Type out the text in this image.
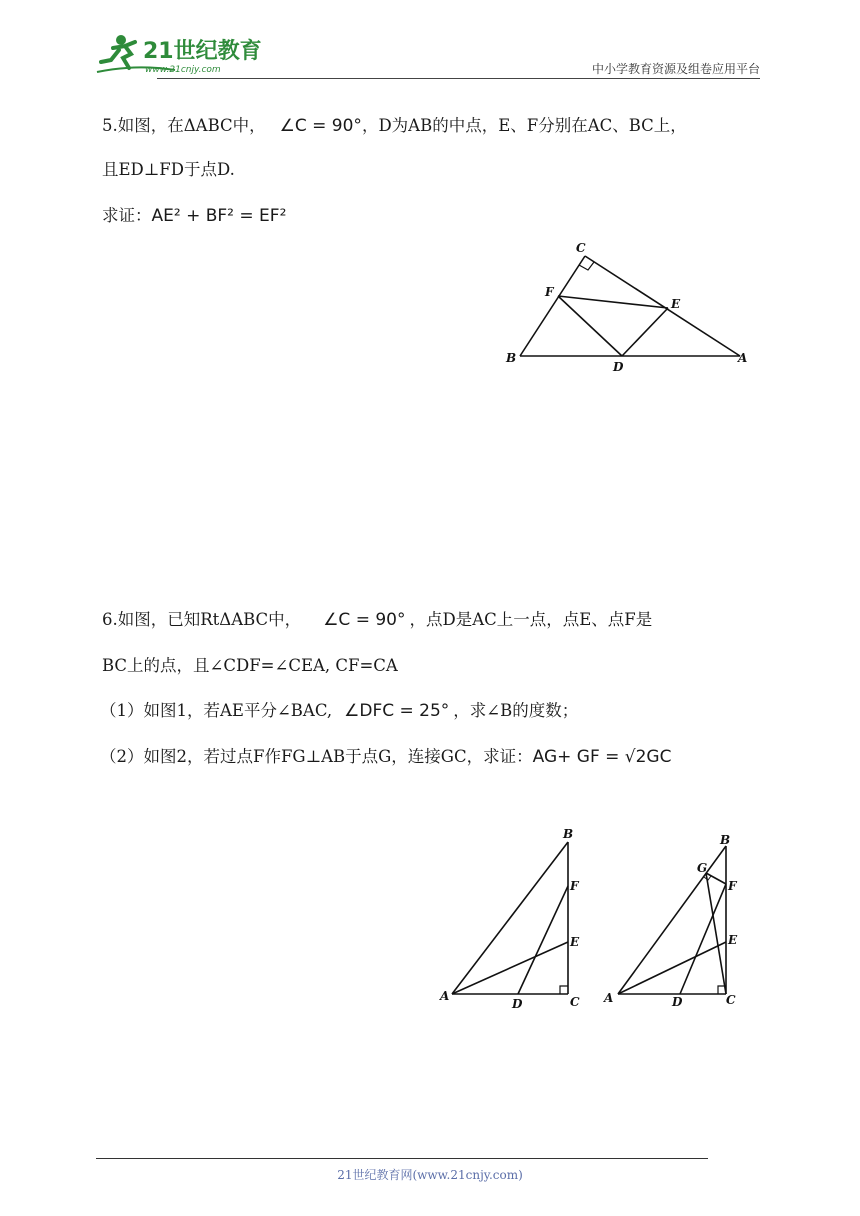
21世纪教育
www.21cnjy.com	中小学教育资源及组卷应用平台
5.如图，在ΔABC中， ∠C = 90°，D为AB的中点，E、F分别在AC、BC上，
且ED⊥FD于点D.
求证：AE² + BF² = EF²
C
F
E
B
D
A
6.如图，已知RtΔABC中， ∠C = 90° ，点D是AC上一点，点E、点F是
BC上的点，且∠CDF=∠CEA, CF=CA
（1）如图1，若AE平分∠BAC, ∠DFC = 25° ，求∠B的度数；
（2）如图2，若过点F作FG⊥AB于点G，连接GC，求证：AG+ GF = √2GC
B
F
E
A
D	C
B
G
F
E
A	D	C
21世纪教育网(www.21cnjy.com)
